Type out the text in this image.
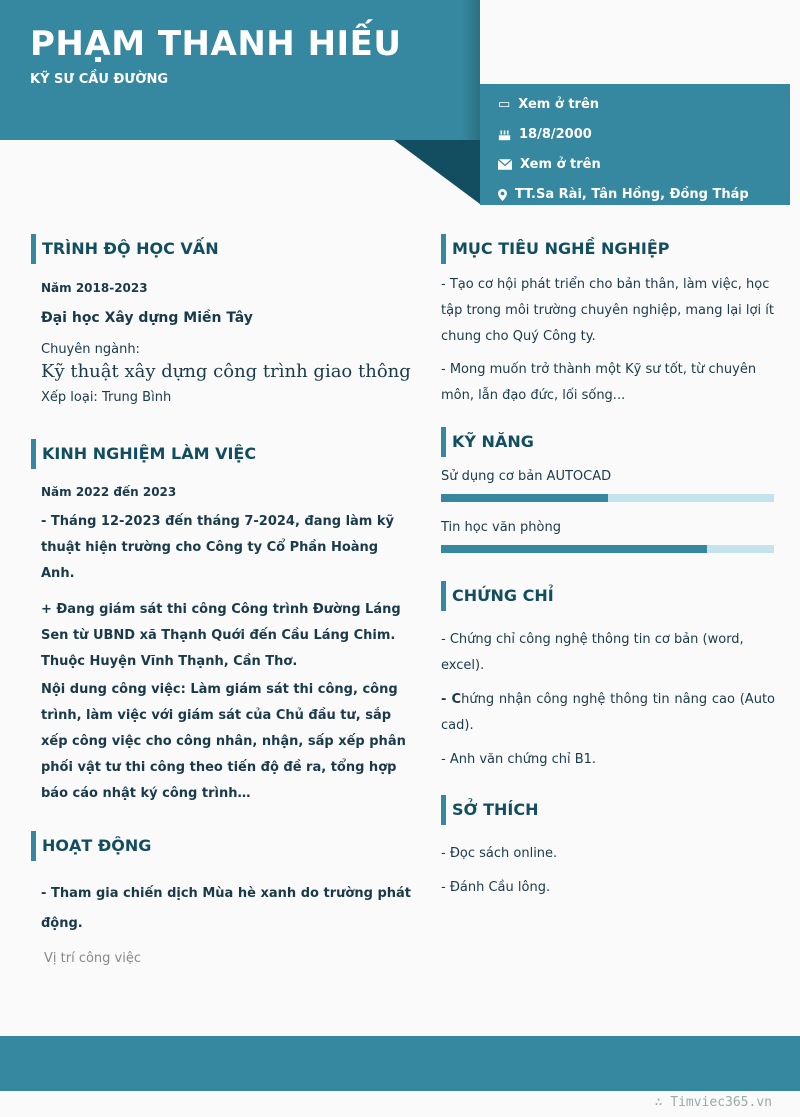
PHẠM THANH HIẾU
KỸ SƯ CẦU ĐƯỜNG
▭ Xem ở trên
18/8/2000
Xem ở trên
TT.Sa Rài, Tân Hồng, Đồng Tháp
TRÌNH ĐỘ HỌC VẤN
Năm 2018-2023
Đại học Xây dựng Miền Tây
Chuyên ngành:
Kỹ thuật xây dựng công trình giao thông
Xếp loại: Trung Bình
KINH NGHIỆM LÀM VIỆC
Năm 2022 đến 2023
- Tháng 12-2023 đến tháng 7-2024, đang làm kỹ thuật hiện trường cho Công ty Cổ Phần Hoàng Anh.
+ Đang giám sát thi công Công trình Đường Láng Sen từ UBND xã Thạnh Quới đến Cầu Láng Chim. Thuộc Huyện Vĩnh Thạnh, Cần Thơ.
Nội dung công việc: Làm giám sát thi công, công trình, làm việc với giám sát của Chủ đầu tư, sắp xếp công việc cho công nhân, nhận, sấp xếp phân phối vật tư thi công theo tiến độ đề ra, tổng hợp báo cáo nhật ký công trình…
HOẠT ĐỘNG
- Tham gia chiến dịch Mùa hè xanh do trường phát động.
Vị trí công việc
MỤC TIÊU NGHỀ NGHIỆP
- Tạo cơ hội phát triển cho bản thân, làm việc, học tập trong môi trường chuyên nghiệp, mang lại lợi ít chung cho Quý Công ty.
- Mong muốn trở thành một Kỹ sư tốt, từ chuyên môn, lẫn đạo đức, lối sống...
KỸ NĂNG
Sử dụng cơ bản AUTOCAD
Tin học văn phòng
CHỨNG CHỈ
- Chứng chỉ công nghệ thông tin cơ bản (word, excel).
- Chứng nhận công nghệ thông tin nâng cao (Auto cad).
- Anh văn chứng chỉ B1.
SỞ THÍCH
- Đọc sách online.
- Đánh Cầu lông.
∴ Timviec365.vn
